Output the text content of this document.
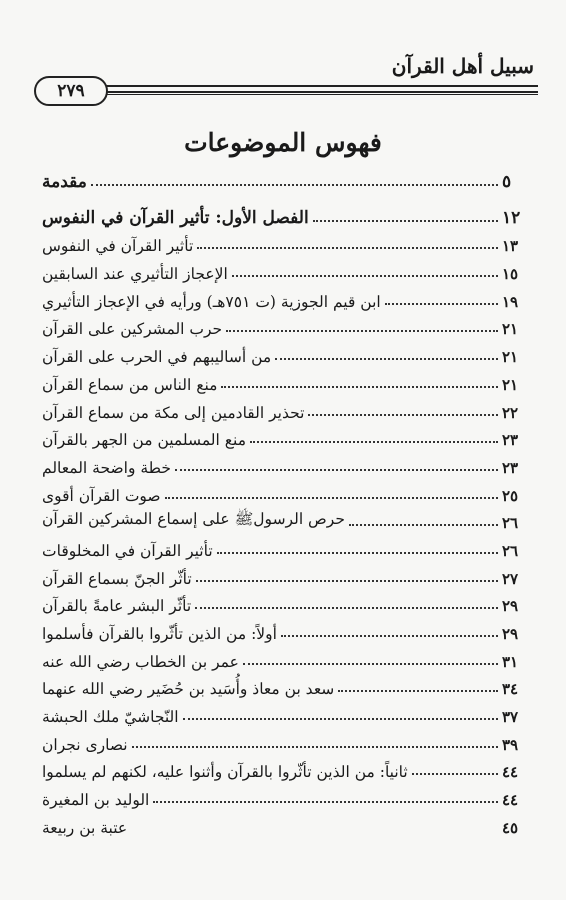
سبيل أهل القرآن
٢٧٩
فهوس الموضوعات
مقدمة	٥
الفصل الأول: تأثير القرآن في النفوس	١٢
تأثير القرآن في النفوس	١٣
الإعجاز التأثيري عند السابقين	١٥
ابن قيم الجوزية (ت ٧٥١هـ) ورأيه في الإعجاز التأثيري	١٩
حرب المشركين على القرآن	٢١
من أساليبهم في الحرب على القرآن	٢١
منع الناس من سماع القرآن	٢١
تحذير القادمين إلى مكة من سماع القرآن	٢٢
منع المسلمين من الجهر بالقرآن	٢٣
خطة واضحة المعالم	٢٣
صوت القرآن أقوى	٢٥
حرص الرسولﷺ على إسماع المشركين القرآن	٢٦
تأثير القرآن في المخلوقات	٢٦
تأثّر الجنّ بسماع القرآن	٢٧
تأثّر البشر عامةً بالقرآن	٢٩
أولاً: من الذين تأثّروا بالقرآن فأسلموا	٢٩
عمر بن الخطاب رضي الله عنه	٣١
سعد بن معاذ وأُسَيد بن حُضَير رضي الله عنهما	٣٤
النّجاشيّ ملك الحبشة	٣٧
نصارى نجران	٣٩
ثانياً: من الذين تأثّروا بالقرآن وأثنوا عليه، لكنهم لم يسلموا	٤٤
الوليد بن المغيرة	٤٤
عتبة بن ربيعة	٤٥
